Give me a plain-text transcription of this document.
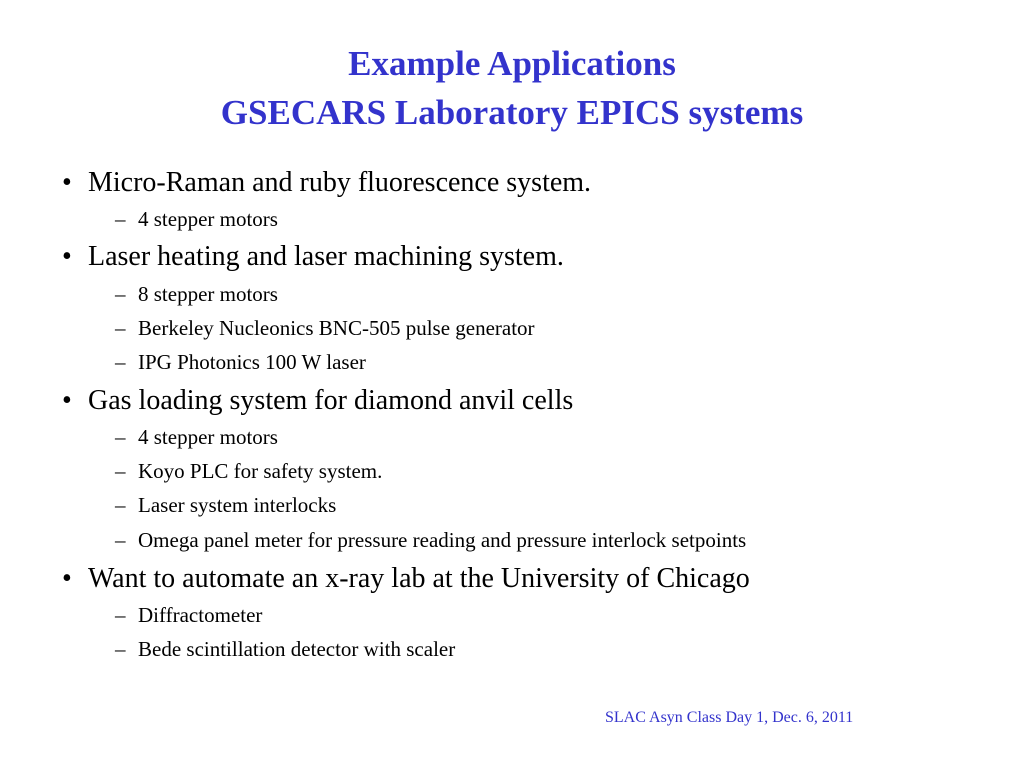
Example Applications
GSECARS Laboratory EPICS systems
• Micro-Raman and ruby fluorescence system.
– 4 stepper motors
• Laser heating and laser machining system.
– 8 stepper motors
– Berkeley Nucleonics BNC-505 pulse generator
– IPG Photonics 100 W laser
• Gas loading system for diamond anvil cells
– 4 stepper motors
– Koyo PLC for safety system.
– Laser system interlocks
– Omega panel meter for pressure reading and pressure interlock setpoints
• Want to automate an x-ray lab at the University of Chicago
– Diffractometer
– Bede scintillation detector with scaler
SLAC Asyn Class Day 1, Dec. 6, 2011
